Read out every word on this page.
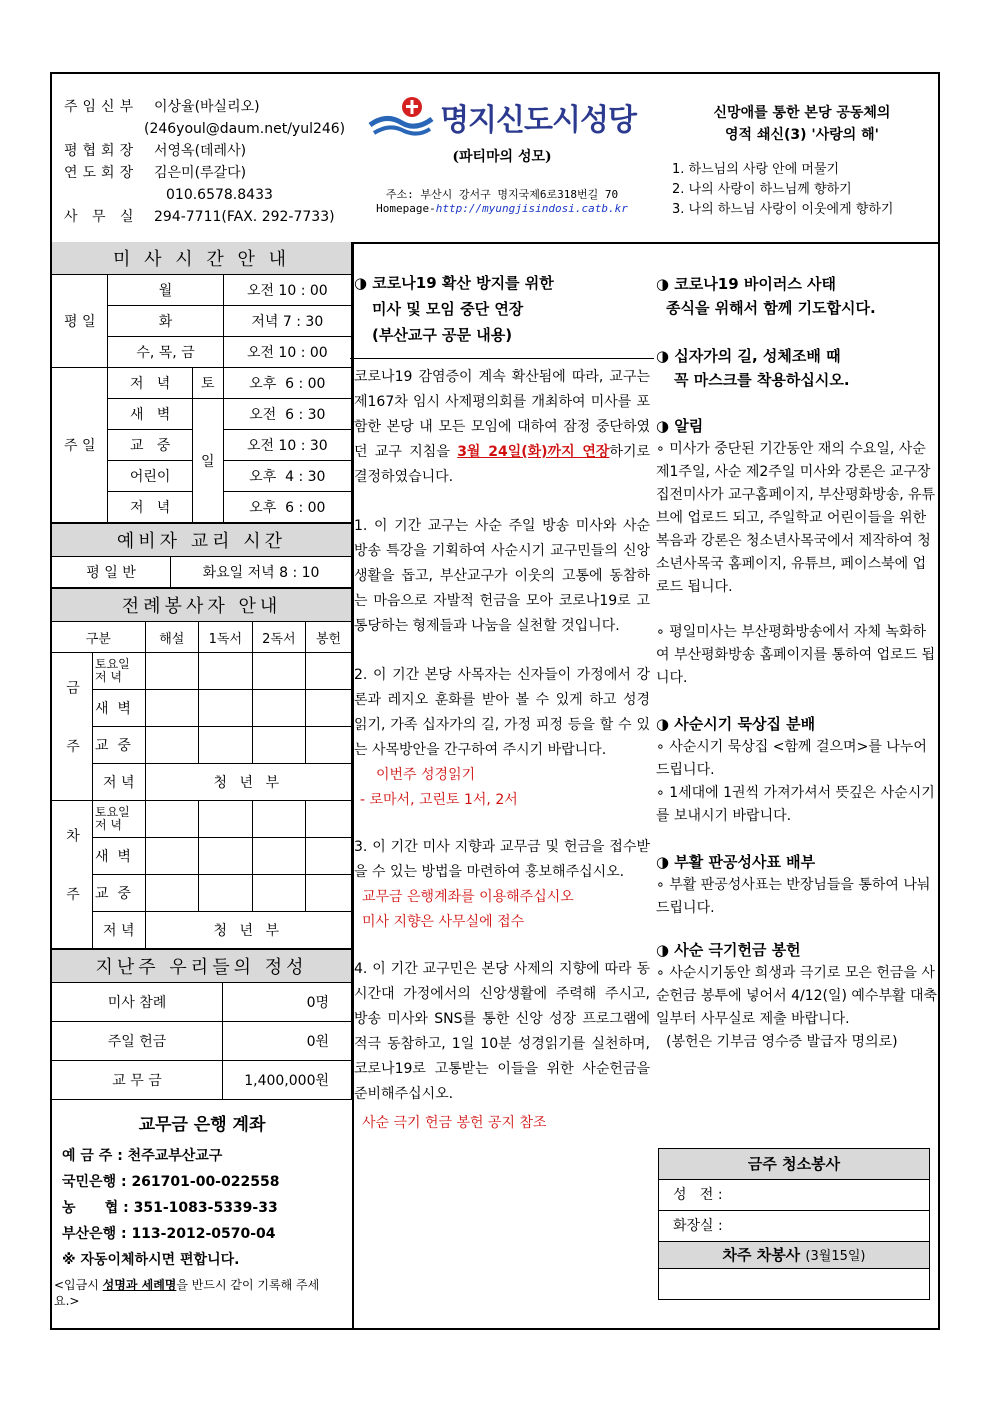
주임신부 이상율(바실리오)
(246youl@daum.net/yul246)
평협회장 서영옥(데레사)
연도회장 김은미(루갈다)
010.6578.8433
사 무 실 294-7711(FAX. 292-7733)
명지신도시성당
(파티마의 성모)
주소: 부산시 강서구 명지국제6로318번길 70
Homepage-http://myungjisindosi.catb.kr
신망애를 통한 본당 공동체의
영적 쇄신(3) '사랑의 해'
1. 하느님의 사랑 안에 머물기
2. 나의 사랑이 하느님께 향하기
3. 나의 하느님 사랑이 이웃에게 향하기
미 사 시 간 안 내			
평 일	월		오전 10 : 00
	화		저녁 7 : 30
	수, 목, 금		오전 10 : 00
주 일	저   녁	토	오후  6 : 00
	새   벽	일	오전  6 : 30
	교   중		오전 10 : 30
	어린이		오후  4 : 30
	저   녁		오후  6 : 00
예비자 교리 시간
평 일 반	화요일 저녁 8 : 10
전례봉사자 안내					
구분		해설	1독서	2독서	봉헌
금 주	토요일 저 녁				
	새  벽				
	교  중				
	저 녁	청 년 부			
차 주	토요일 저 녁				
	새  벽				
	교  중				
	저 녁	청 년 부			
지난주 우리들의 정성	
미사 참례	0명
주일 헌금	0원
교 무 금	1,400,000원
교무금 은행 계좌
예 금 주 : 천주교부산교구
국민은행 : 261701-00-022558
농      협 : 351-1083-5339-33
부산은행 : 113-2012-0570-04
※ 자동이체하시면 편합니다.
<입금시 성명과 세례명을 반드시 같이 기록해 주세요.>
◑ 코로나19 확산 방지를 위한
미사 및 모임 중단 연장
(부산교구 공문 내용)

코로나19 감염증이 계속 확산됨에 따라, 교구는 제167차 임시 사제평의회를 개최하여 미사를 포함한 본당 내 모든 모임에 대하여 잠정 중단하였던 교구 지침을 3월 24일(화)까지 연장하기로 결정하였습니다.

1. 이 기간 교구는 사순 주일 방송 미사와 사순 방송 특강을 기획하여 사순시기 교구민들의 신앙 생활을 돕고, 부산교구가 이웃의 고통에 동참하는 마음으로 자발적 헌금을 모아 코로나19로 고통당하는 형제들과 나눔을 실천할 것입니다.

2. 이 기간 본당 사목자는 신자들이 가정에서 강론과 레지오 훈화를 받아 볼 수 있게 하고 성경 읽기, 가족 십자가의 길, 가정 피정 등을 할 수 있는 사목방안을 간구하여 주시기 바랍니다.

이번주 성경읽기

- 로마서, 고린토 1서, 2서

3. 이 기간 미사 지향과 교무금 및 헌금을 접수받을 수 있는 방법을 마련하여 홍보해주십시오.

교무금 은행계좌를 이용해주십시오

미사 지향은 사무실에 접수

4. 이 기간 교구민은 본당 사제의 지향에 따라 동시간대 가정에서의 신앙생활에 주력해 주시고, 방송 미사와 SNS를 통한 신앙 성장 프로그램에 적극 동참하고, 1일 10분 성경읽기를 실천하며, 코로나19로 고통받는 이들을 위한 사순헌금을 준비해주십시오.

사순 극기 헌금 봉헌 공지 참조

◑ 코로나19 바이러스 사태
종식을 위해서 함께 기도합시다.
◑ 십자가의 길, 성체조배 때
꼭 마스크를 착용하십시오.
◑ 알림

∘ 미사가 중단된 기간동안 재의 수요일, 사순 제1주일, 사순 제2주일 미사와 강론은 교구장 집전미사가 교구홈페이지, 부산평화방송, 유튜브에 업로드 되고, 주일학교 어린이들을 위한 복음과 강론은 청소년사목국에서 제작하여 청소년사목국 홈페이지, 유튜브, 페이스북에 업로드 됩니다.

∘ 평일미사는 부산평화방송에서 자체 녹화하여 부산평화방송 홈페이지를 통하여 업로드 됩니다.

◑ 사순시기 묵상집 분배

∘ 사순시기 묵상집 <함께 걸으며>를 나누어 드립니다.

∘ 1세대에 1권씩 가져가셔서 뜻깊은 사순시기를 보내시기 바랍니다.

◑ 부활 판공성사표 배부

∘ 부활 판공성사표는 반장님들을 통하여 나눠드립니다.

◑ 사순 극기헌금 봉헌

∘ 사순시기동안 희생과 극기로 모은 헌금을 사순헌금 봉투에 넣어서 4/12(일) 예수부활 대축일부터 사무실로 제출 바랍니다.

(봉헌은 기부금 영수증 발급자 명의로)

금주 청소봉사
성   전 :
화장실 :
차주 차봉사 (3월15일)
